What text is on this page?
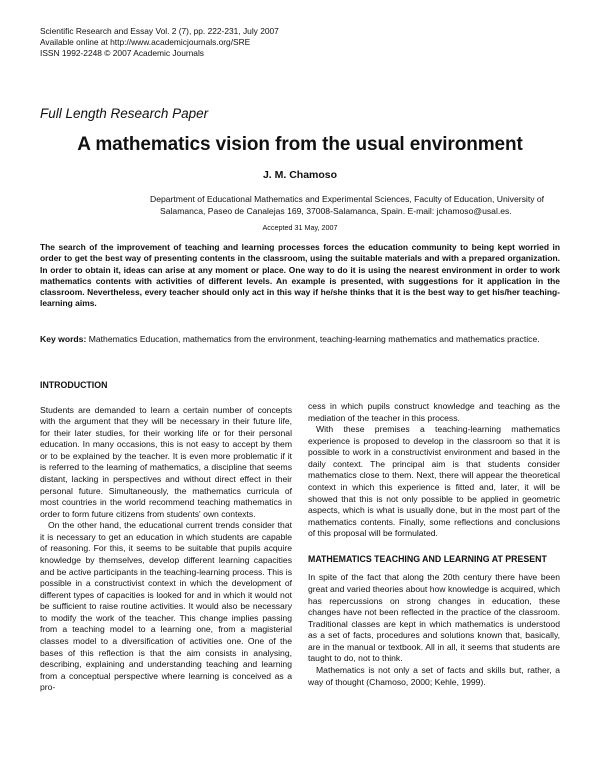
Scientific Research and Essay Vol. 2 (7), pp. 222-231, July 2007
Available online at http://www.academicjournals.org/SRE
ISSN 1992-2248 © 2007 Academic Journals
Full Length Research Paper
A mathematics vision from the usual environment
J. M. Chamoso
Department of Educational Mathematics and Experimental Sciences, Faculty of Education, University of Salamanca, Paseo de Canalejas 169, 37008-Salamanca, Spain. E-mail: jchamoso@usal.es.
Accepted 31 May, 2007

The search of the improvement of teaching and learning processes forces the education community to being kept worried in order to get the best way of presenting contents in the classroom, using the suitable materials and with a prepared organization. In order to obtain it, ideas can arise at any moment or place. One way to do it is using the nearest environment in order to work mathematics contents with activities of different levels. An example is presented, with suggestions for it application in the classroom. Nevertheless, every teacher should only act in this way if he/she thinks that it is the best way to get his/her teaching-learning aims.

Key words: Mathematics Education, mathematics from the environment, teaching-learning mathematics and mathematics practice.

INTRODUCTION

Students are demanded to learn a certain number of concepts with the argument that they will be necessary in their future life, for their later studies, for their working life or for their personal education. In many occasions, this is not easy to accept by them or to be explained by the teacher. It is even more problematic if it is referred to the learning of mathematics, a discipline that seems distant, lacking in perspectives and without direct effect in their personal future. Simultaneously, the mathematics curricula of most countries in the world recommend teaching mathematics in order to form future citizens from students' own contexts.

On the other hand, the educational current trends consider that it is necessary to get an education in which students are capable of reasoning. For this, it seems to be suitable that pupils acquire knowledge by themselves, develop different learning capacities and be active participants in the teaching-learning process. This is possible in a constructivist context in which the development of different types of capacities is looked for and in which it would not be sufficient to raise routine activities. It would also be necessary to modify the work of the teacher. This change implies passing from a teaching model to a learning one, from a magisterial classes model to a diversification of activities one. One of the bases of this reflection is that the aim consists in analysing, describing, explaining and understanding teaching and learning from a conceptual perspective where learning is conceived as a pro-

cess in which pupils construct knowledge and teaching as the mediation of the teacher in this process.

With these premises a teaching-learning mathematics experience is proposed to develop in the classroom so that it is possible to work in a constructivist environment and based in the daily context. The principal aim is that students consider mathematics close to them. Next, there will appear the theoretical context in which this experience is fitted and, later, it will be showed that this is not only possible to be applied in geometric aspects, which is what is usually done, but in the most part of the mathematics contents. Finally, some reflections and conclusions of this proposal will be formulated.

MATHEMATICS TEACHING AND LEARNING AT PRESENT

In spite of the fact that along the 20th century there have been great and varied theories about how knowledge is acquired, which has repercussions on strong changes in education, these changes have not been reflected in the practice of the classroom. Traditional classes are kept in which mathematics is understood as a set of facts, procedures and solutions known that, basically, are in the manual or textbook. All in all, it seems that students are taught to do, not to think.

Mathematics is not only a set of facts and skills but, rather, a way of thought (Chamoso, 2000; Kehle, 1999).
